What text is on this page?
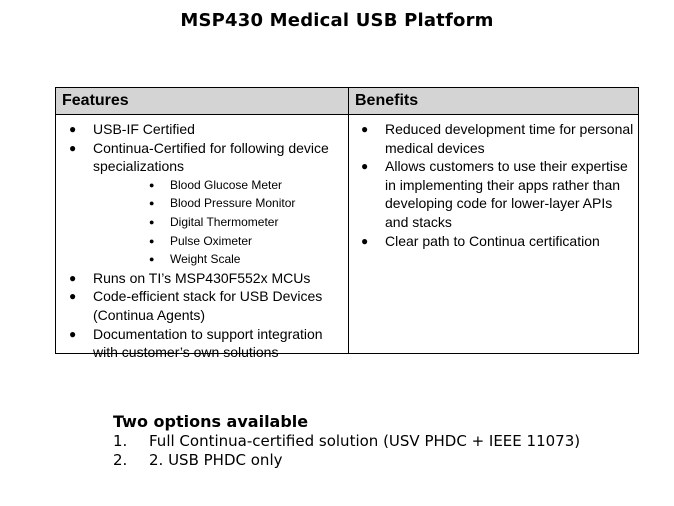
MSP430 Medical USB Platform
Features	Benefits
● USB-IF Certified
● Continua-Certified for following device specializations
● Blood Glucose Meter
● Blood Pressure Monitor
● Digital Thermometer
● Pulse Oximeter
● Weight Scale
● Runs on TI’s MSP430F552x MCUs
● Code-efficient stack for USB Devices (Continua Agents)
● Documentation to support integration with customer’s own solutions
● Reduced development time for personal medical devices
● Allows customers to use their expertise in implementing their apps rather than developing code for lower-layer APIs and stacks
● Clear path to Continua certification
Two options available
1. Full Continua-certified solution (USV PHDC + IEEE 11073)
2. 2. USB PHDC only
